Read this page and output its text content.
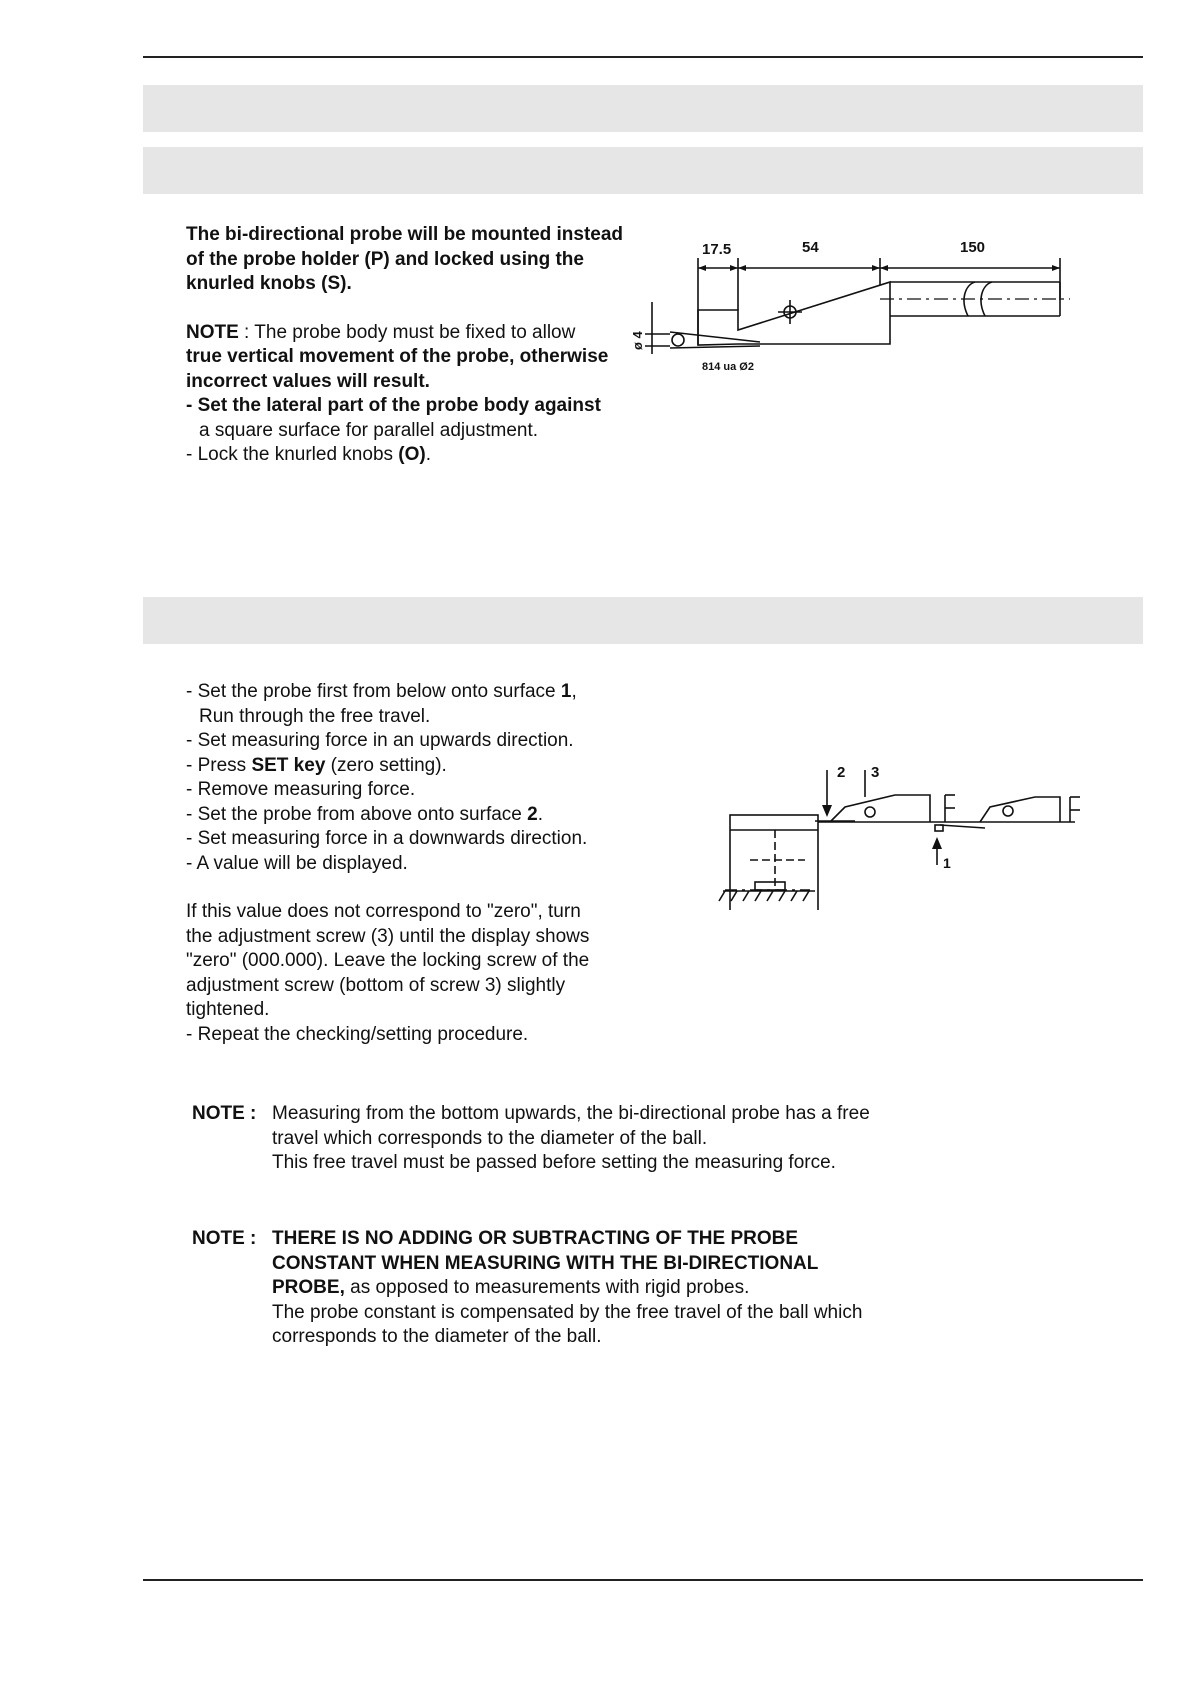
The bi-directional probe will be mounted instead

of the probe holder (P) and locked using the

knurled knobs (S).

NOTE : The probe body must be fixed to allow

true vertical movement of the probe, otherwise

incorrect values will result.

- Set the lateral part of the probe body against

a square surface for parallel adjustment.

- Lock the knurled knobs (O).

17.5	54	150
ø 4
814 ua Ø2

- Set the probe first from below onto surface 1,

Run through the free travel.

- Set measuring force in an upwards direction.

- Press SET key (zero setting).

- Remove measuring force.

- Set the probe from above onto surface 2.

- Set measuring force in a downwards direction.

- A value will be displayed.

If this value does not correspond to "zero", turn

the adjustment screw (3) until the display shows

"zero" (000.000). Leave the locking screw of the

adjustment screw (bottom of screw 3) slightly

tightened.

- Repeat the checking/setting procedure.

2 3
1
NOTE : Measuring from the bottom upwards, the bi-directional probe has a free

travel which corresponds to the diameter of the ball.

This free travel must be passed before setting the measuring force.

NOTE : THERE IS NO ADDING OR SUBTRACTING OF THE PROBE

CONSTANT WHEN MEASURING WITH THE BI-DIRECTIONAL

PROBE, as opposed to measurements with rigid probes.

The probe constant is compensated by the free travel of the ball which

corresponds to the diameter of the ball.
